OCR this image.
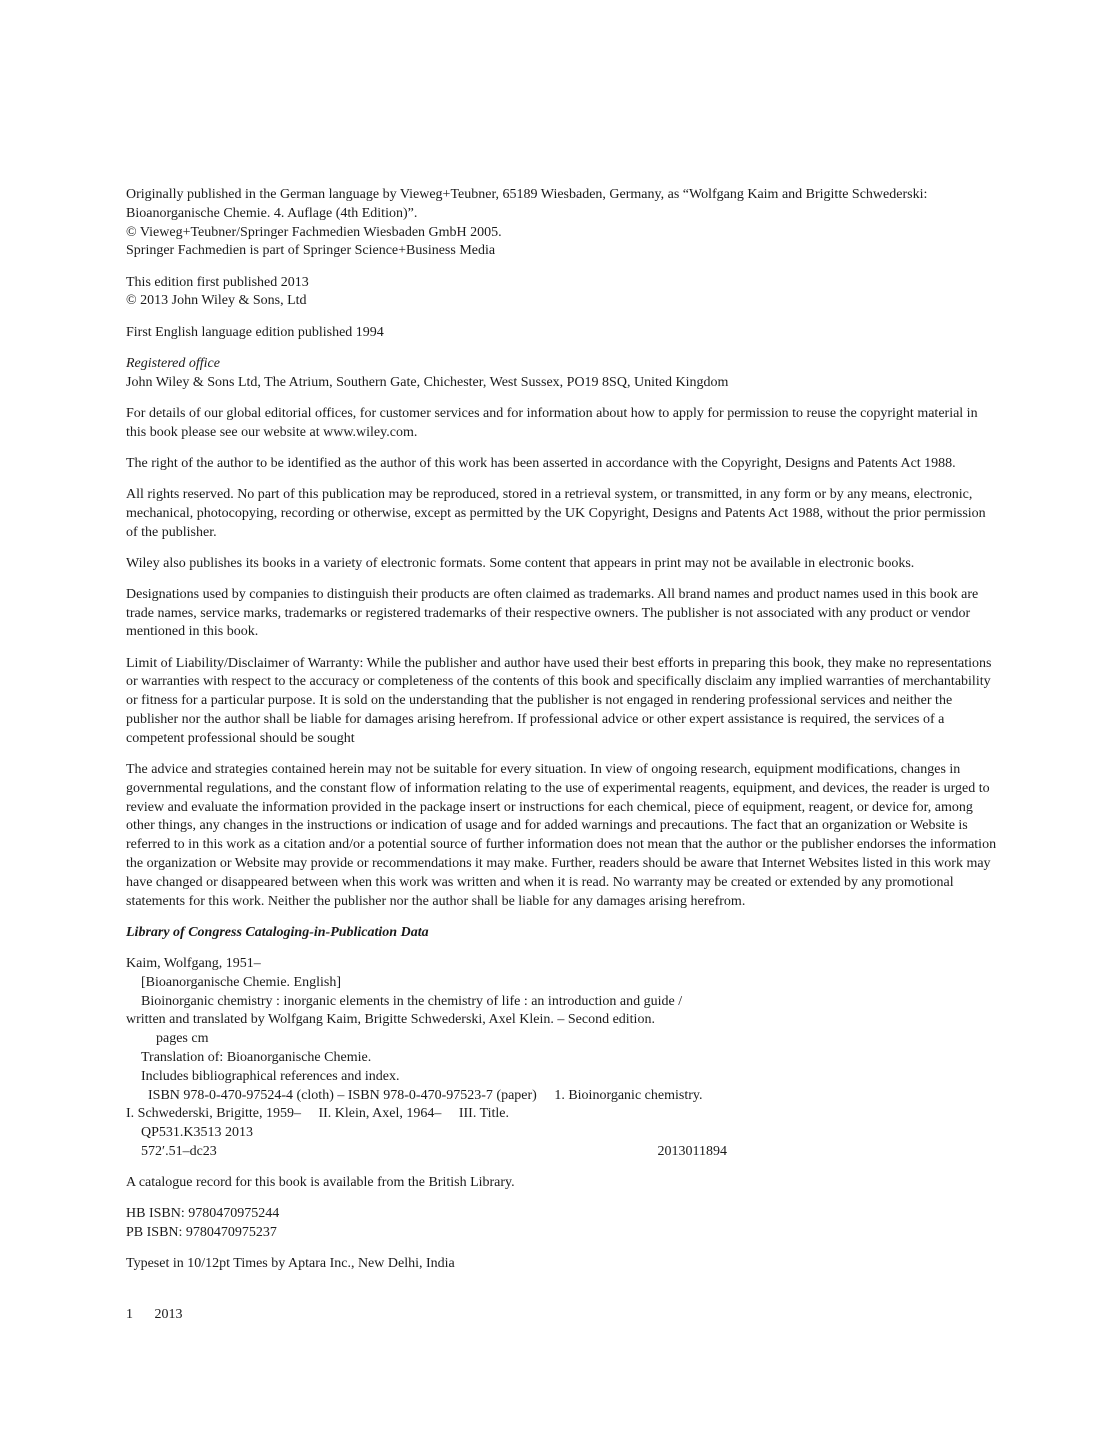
Originally published in the German language by Vieweg+Teubner, 65189 Wiesbaden, Germany, as “Wolfgang Kaim and Brigitte Schwederski:
Bioanorganische Chemie. 4. Auflage (4th Edition)”.
© Vieweg+Teubner/Springer Fachmedien Wiesbaden GmbH 2005.
Springer Fachmedien is part of Springer Science+Business Media

This edition first published 2013
© 2013 John Wiley & Sons, Ltd

First English language edition published 1994

Registered office
John Wiley & Sons Ltd, The Atrium, Southern Gate, Chichester, West Sussex, PO19 8SQ, United Kingdom

For details of our global editorial offices, for customer services and for information about how to apply for permission to reuse the copyright material in
this book please see our website at www.wiley.com.

The right of the author to be identified as the author of this work has been asserted in accordance with the Copyright, Designs and Patents Act 1988.

All rights reserved. No part of this publication may be reproduced, stored in a retrieval system, or transmitted, in any form or by any means, electronic,
mechanical, photocopying, recording or otherwise, except as permitted by the UK Copyright, Designs and Patents Act 1988, without the prior permission
of the publisher.

Wiley also publishes its books in a variety of electronic formats. Some content that appears in print may not be available in electronic books.

Designations used by companies to distinguish their products are often claimed as trademarks. All brand names and product names used in this book are
trade names, service marks, trademarks or registered trademarks of their respective owners. The publisher is not associated with any product or vendor
mentioned in this book.

Limit of Liability/Disclaimer of Warranty: While the publisher and author have used their best efforts in preparing this book, they make no representations
or warranties with respect to the accuracy or completeness of the contents of this book and specifically disclaim any implied warranties of merchantability
or fitness for a particular purpose. It is sold on the understanding that the publisher is not engaged in rendering professional services and neither the
publisher nor the author shall be liable for damages arising herefrom. If professional advice or other expert assistance is required, the services of a
competent professional should be sought

The advice and strategies contained herein may not be suitable for every situation. In view of ongoing research, equipment modifications, changes in
governmental regulations, and the constant flow of information relating to the use of experimental reagents, equipment, and devices, the reader is urged to
review and evaluate the information provided in the package insert or instructions for each chemical, piece of equipment, reagent, or device for, among
other things, any changes in the instructions or indication of usage and for added warnings and precautions. The fact that an organization or Website is
referred to in this work as a citation and/or a potential source of further information does not mean that the author or the publisher endorses the information
the organization or Website may provide or recommendations it may make. Further, readers should be aware that Internet Websites listed in this work may
have changed or disappeared between when this work was written and when it is read. No warranty may be created or extended by any promotional
statements for this work. Neither the publisher nor the author shall be liable for any damages arising herefrom.

Library of Congress Cataloging-in-Publication Data

Kaim, Wolfgang, 1951–
[Bioanorganische Chemie. English]
Bioinorganic chemistry : inorganic elements in the chemistry of life : an introduction and guide /
written and translated by Wolfgang Kaim, Brigitte Schwederski, Axel Klein. – Second edition.
pages cm
Translation of: Bioanorganische Chemie.
Includes bibliographical references and index.
ISBN 978-0-470-97524-4 (cloth) – ISBN 978-0-470-97523-7 (paper)  1. Bioinorganic chemistry.
I. Schwederski, Brigitte, 1959–  II. Klein, Axel, 1964–  III. Title.
QP531.K3513 2013
572′.51–dc23	2013011894

A catalogue record for this book is available from the British Library.

HB ISBN: 9780470975244
PB ISBN: 9780470975237

Typeset in 10/12pt Times by Aptara Inc., New Delhi, India

1 2013
